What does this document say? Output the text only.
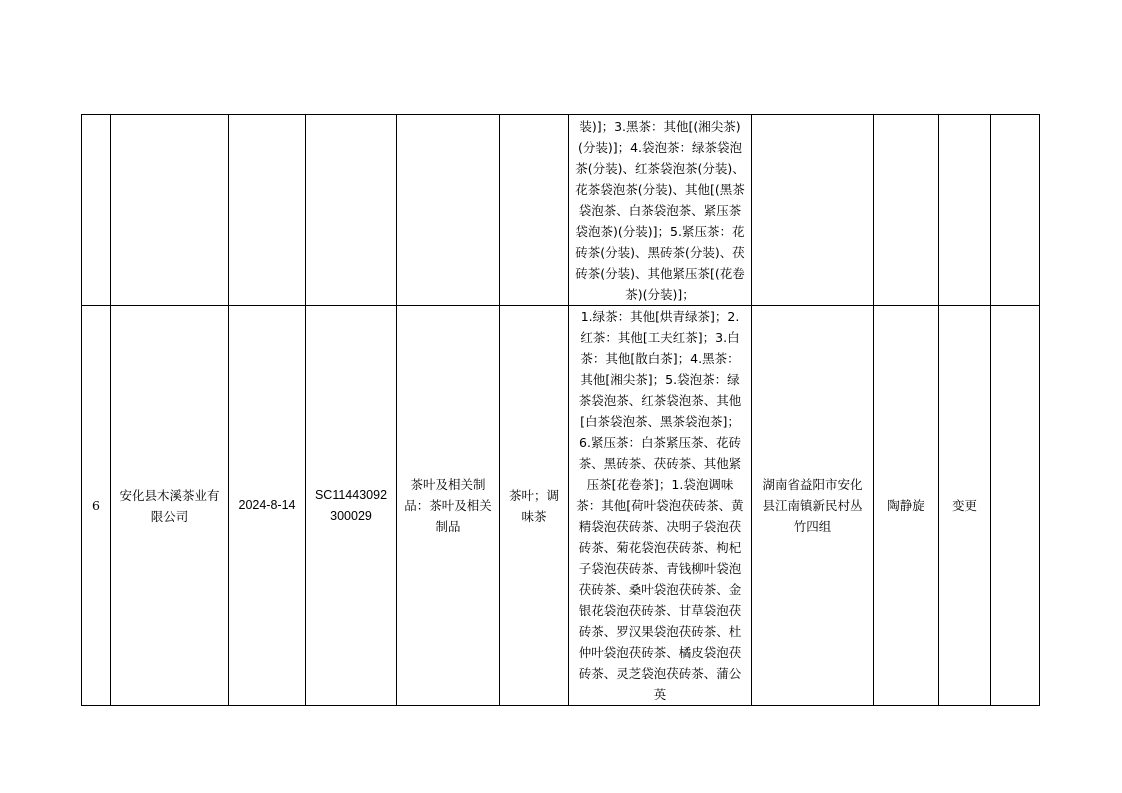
						装)]；3.黑茶：其他[(湘尖茶)(分装)]；4.袋泡茶：绿茶袋泡茶(分装)、红茶袋泡茶(分装)、花茶袋泡茶(分装)、其他[(黑茶袋泡茶、白茶袋泡茶、紧压茶袋泡茶)(分装)]；5.紧压茶：花砖茶(分装)、黑砖茶(分装)、茯砖茶(分装)、其他紧压茶[(花卷茶)(分装)]；				

6	安化县木溪茶业有限公司	2024-8-14	SC11443092300029	茶叶及相关制品：茶叶及相关制品	茶叶；调味茶	1.绿茶：其他[烘青绿茶]；2.红茶：其他[工夫红茶]；3.白茶：其他[散白茶]；4.黑茶：其他[湘尖茶]；5.袋泡茶：绿茶袋泡茶、红茶袋泡茶、其他[白茶袋泡茶、黑茶袋泡茶]；6.紧压茶：白茶紧压茶、花砖茶、黑砖茶、茯砖茶、其他紧压茶[花卷茶]；1.袋泡调味茶：其他[荷叶袋泡茯砖茶、黄精袋泡茯砖茶、决明子袋泡茯砖茶、菊花袋泡茯砖茶、枸杞子袋泡茯砖茶、青钱柳叶袋泡茯砖茶、桑叶袋泡茯砖茶、金银花袋泡茯砖茶、甘草袋泡茯砖茶、罗汉果袋泡茯砖茶、杜仲叶袋泡茯砖茶、橘皮袋泡茯砖茶、灵芝袋泡茯砖茶、蒲公英	湖南省益阳市安化县江南镇新民村丛竹四组	陶静旋	变更	
